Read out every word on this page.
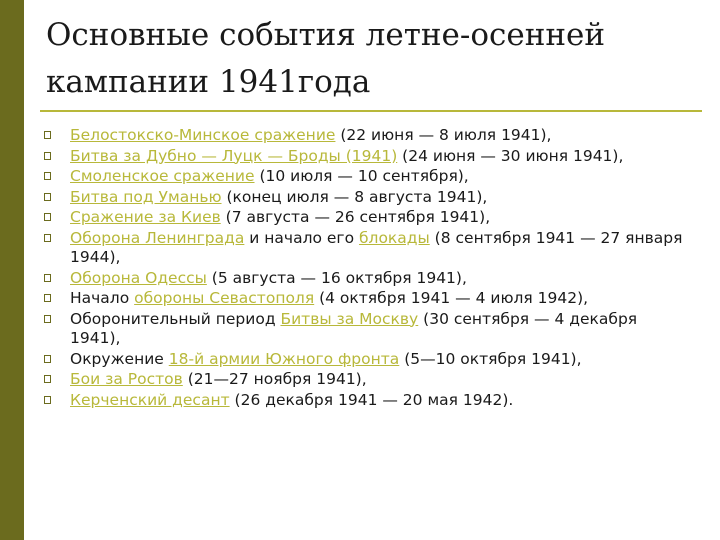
Основные события летне-осенней кампании 1941года
Белостокско-Минское сражение (22 июня — 8 июля 1941),
Битва за Дубно — Луцк — Броды (1941) (24 июня — 30 июня 1941),
Смоленское сражение (10 июля — 10 сентября),
Битва под Уманью (конец июля — 8 августа 1941),
Сражение за Киев (7 августа — 26 сентября 1941),
Оборона Ленинграда и начало его блокады (8 сентября 1941 — 27 января 1944),
Оборона Одессы (5 августа — 16 октября 1941),
Начало обороны Севастополя (4 октября 1941 — 4 июля 1942),
Оборонительный период Битвы за Москву (30 сентября — 4 декабря 1941),
Окружение 18-й армии Южного фронта (5—10 октября 1941),
Бои за Ростов (21—27 ноября 1941),
Керченский десант (26 декабря 1941 — 20 мая 1942).
